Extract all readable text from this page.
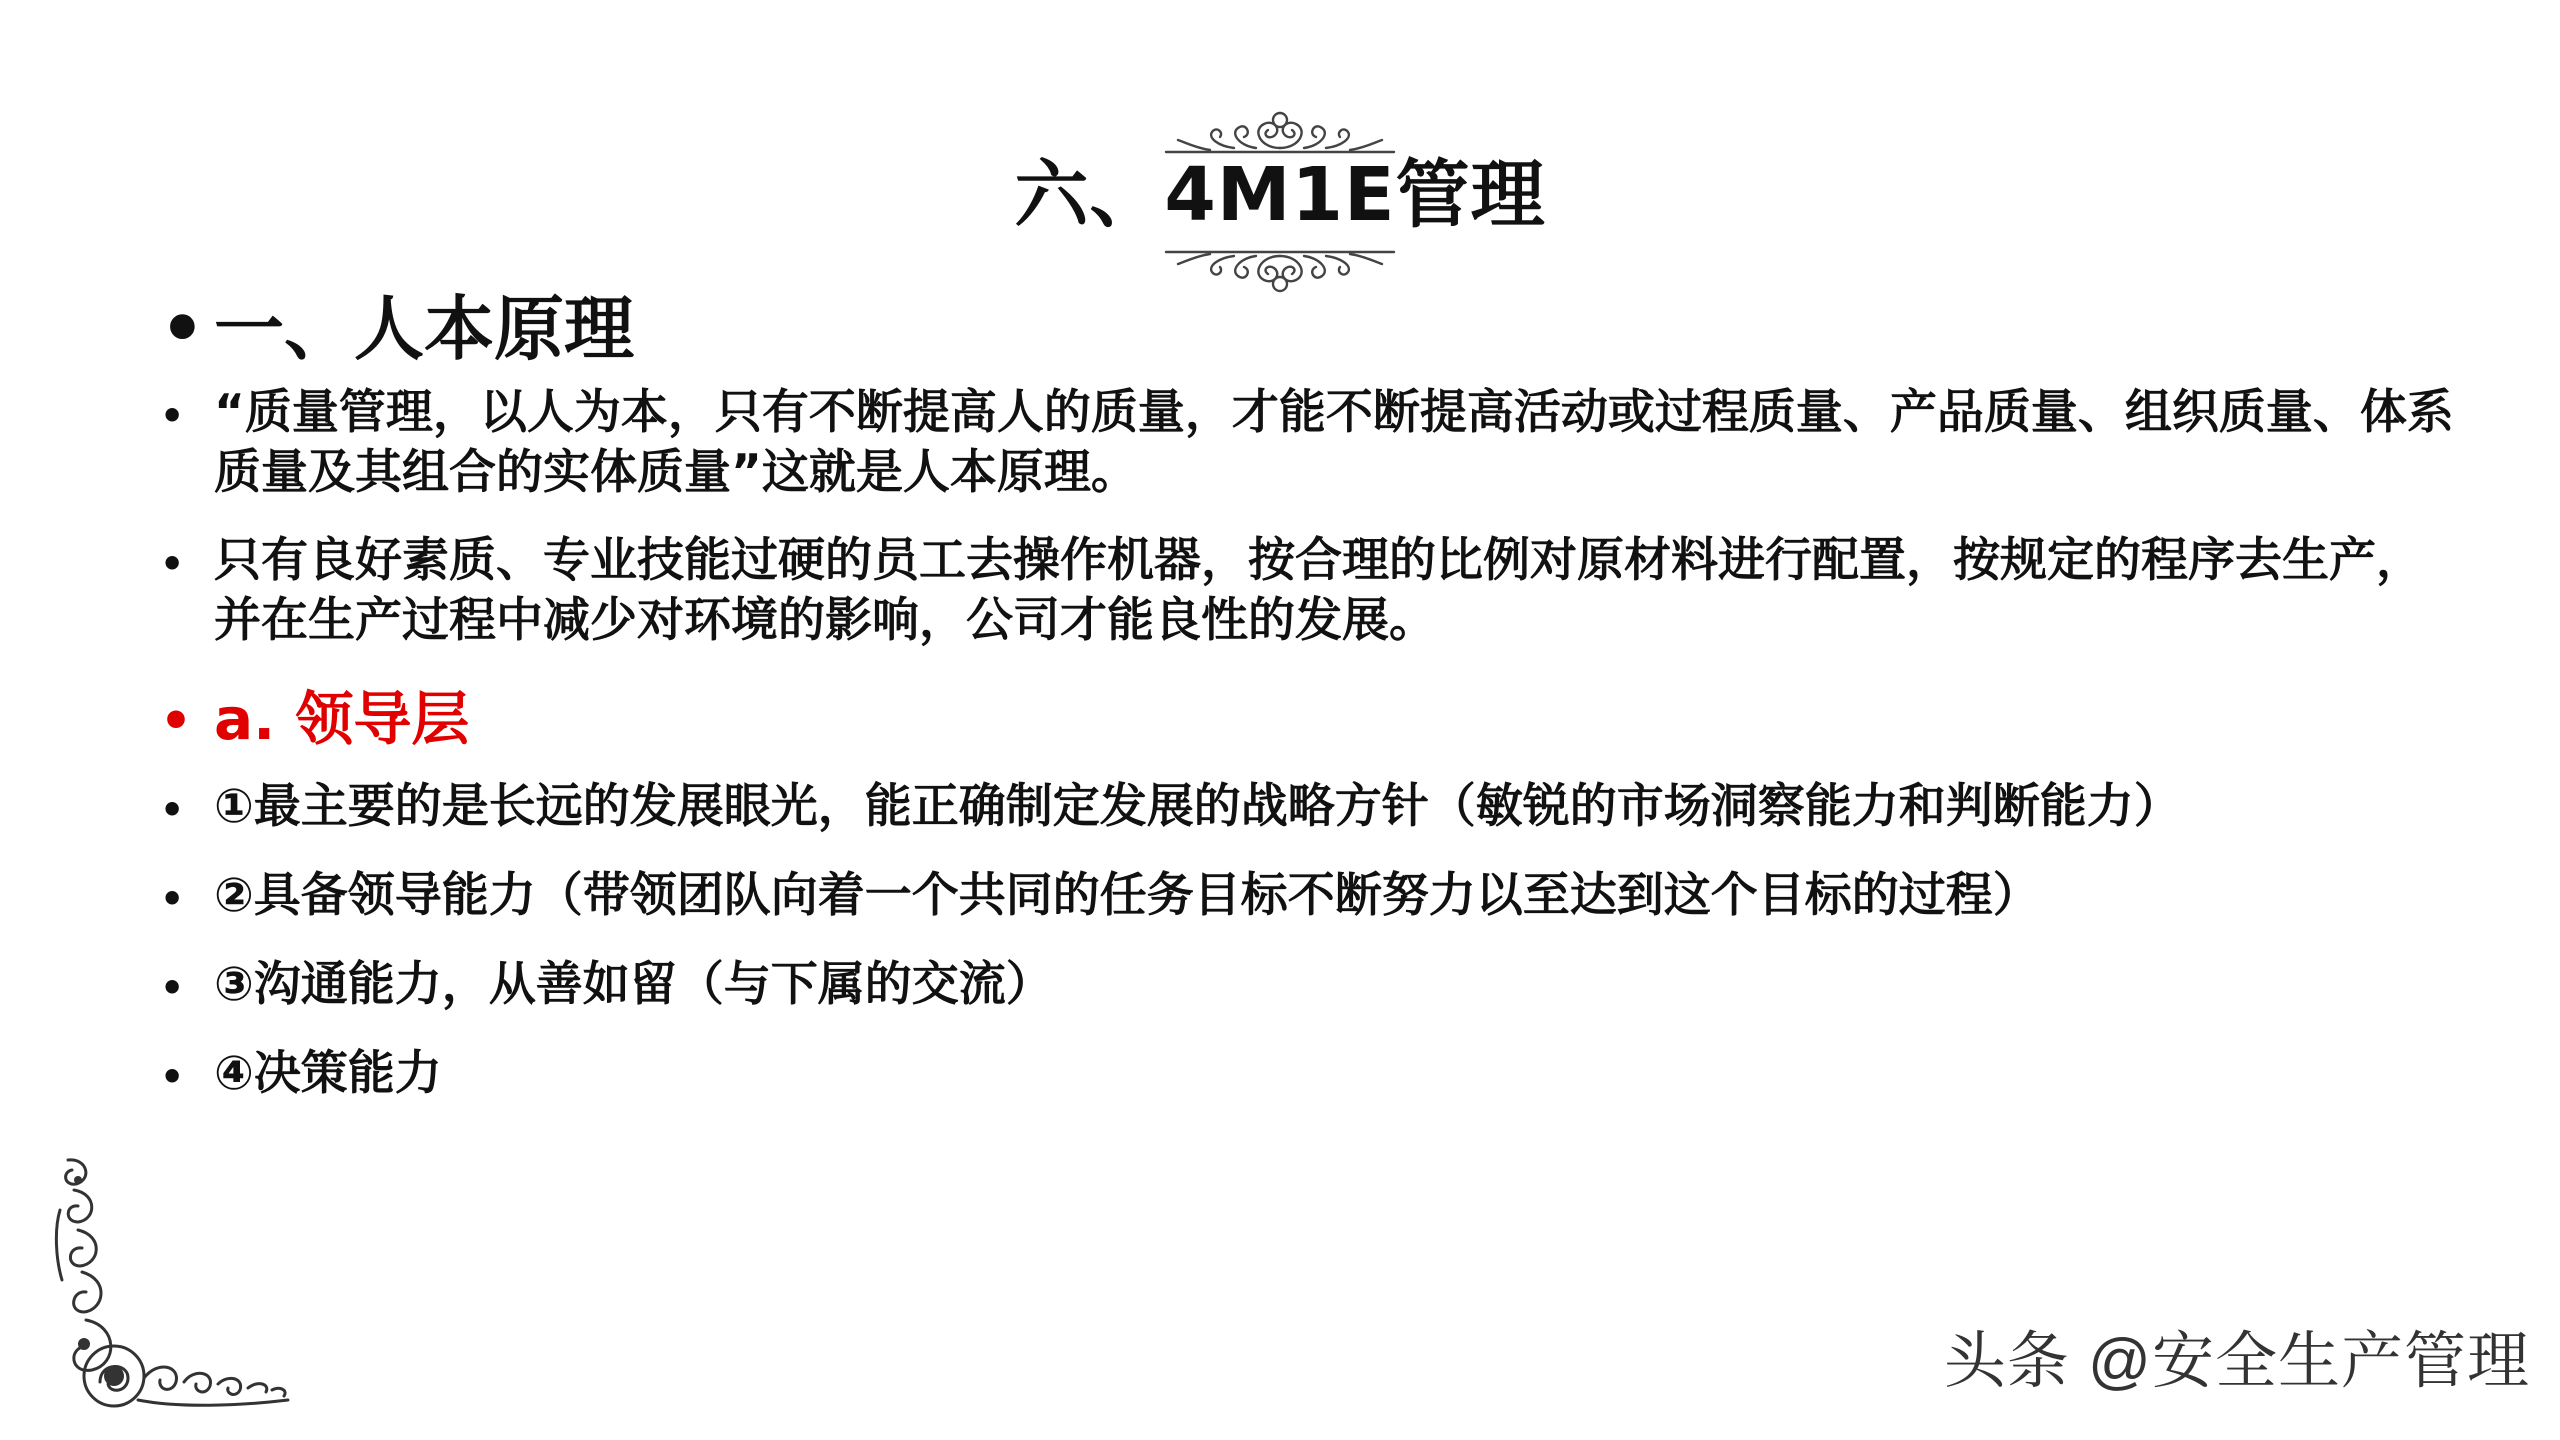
六、4M1E管理
• 一、人本原理
• “质量管理，以人为本，只有不断提高人的质量，才能不断提高活动或过程质量、产品质量、组织质量、体系质量及其组合的实体质量”这就是人本原理。
• 只有良好素质、专业技能过硬的员工去操作机器，按合理的比例对原材料进行配置，按规定的程序去生产，并在生产过程中减少对环境的影响，公司才能良性的发展。
• a. 领导层
• ①最主要的是长远的发展眼光，能正确制定发展的战略方针（敏锐的市场洞察能力和判断能力）
• ②具备领导能力（带领团队向着一个共同的任务目标不断努力以至达到这个目标的过程）
• ③沟通能力，从善如留（与下属的交流）
• ④决策能力
头条 @安全生产管理
